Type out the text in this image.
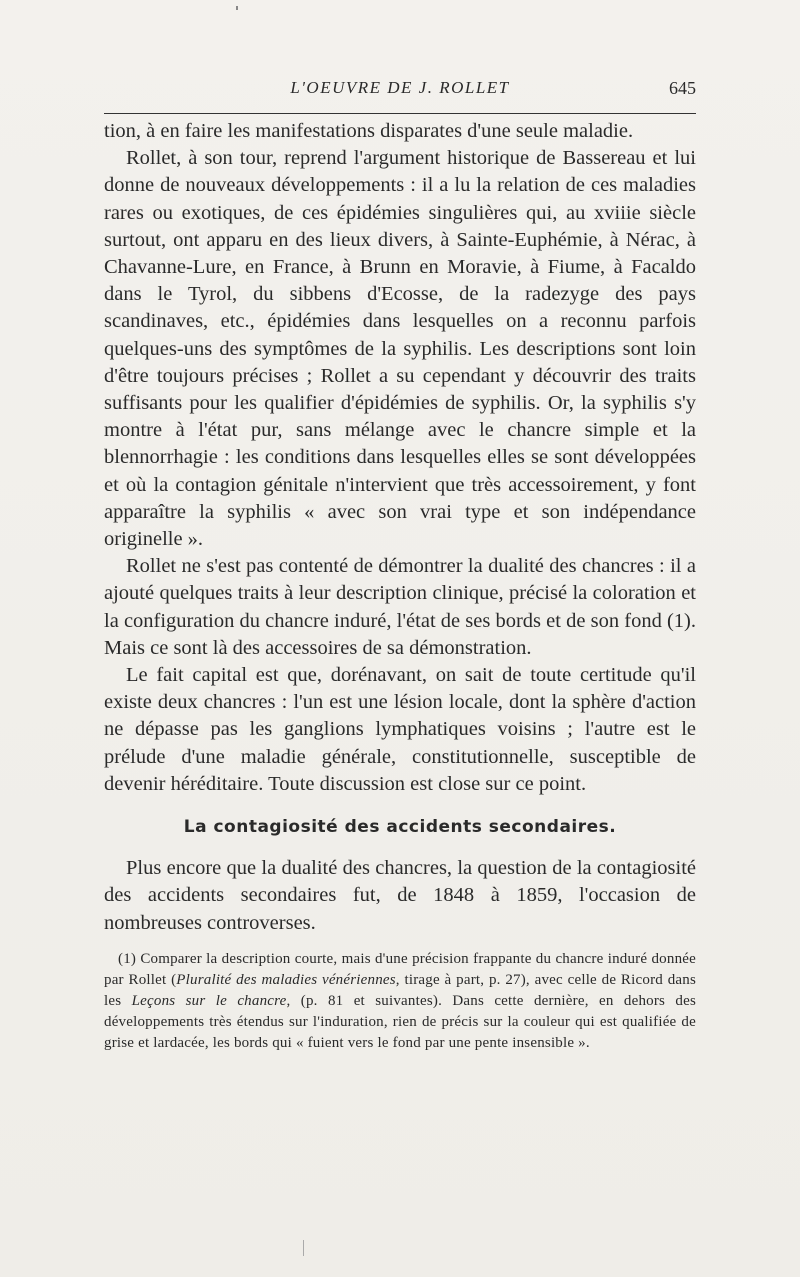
L'OEUVRE DE J. ROLLET	645

tion, à en faire les manifestations disparates d'une seule maladie.

Rollet, à son tour, reprend l'argument historique de Bassereau et lui donne de nouveaux développements : il a lu la relation de ces maladies rares ou exotiques, de ces épidémies singulières qui, au xviiie siècle surtout, ont apparu en des lieux divers, à Sainte-Euphémie, à Nérac, à Chavanne-Lure, en France, à Brunn en Moravie, à Fiume, à Facaldo dans le Tyrol, du sibbens d'Ecosse, de la radezyge des pays scandinaves, etc., épidémies dans lesquelles on a reconnu parfois quelques-uns des symptômes de la syphilis. Les descriptions sont loin d'être toujours précises ; Rollet a su cependant y découvrir des traits suffisants pour les qualifier d'épidémies de syphilis. Or, la syphilis s'y montre à l'état pur, sans mélange avec le chancre simple et la blennorrhagie : les conditions dans lesquelles elles se sont développées et où la contagion génitale n'intervient que très accessoirement, y font apparaître la syphilis « avec son vrai type et son indépendance originelle ».

Rollet ne s'est pas contenté de démontrer la dualité des chancres : il a ajouté quelques traits à leur description clinique, précisé la coloration et la configuration du chancre induré, l'état de ses bords et de son fond (1). Mais ce sont là des accessoires de sa démonstration.

Le fait capital est que, dorénavant, on sait de toute certitude qu'il existe deux chancres : l'un est une lésion locale, dont la sphère d'action ne dépasse pas les ganglions lymphatiques voisins ; l'autre est le prélude d'une maladie générale, constitutionnelle, susceptible de devenir héréditaire. Toute discussion est close sur ce point.

La contagiosité des accidents secondaires.

Plus encore que la dualité des chancres, la question de la contagiosité des accidents secondaires fut, de 1848 à 1859, l'occasion de nombreuses controverses.

(1) Comparer la description courte, mais d'une précision frappante du chancre induré donnée par Rollet (Pluralité des maladies vénériennes, tirage à part, p. 27), avec celle de Ricord dans les Leçons sur le chancre, (p. 81 et suivantes). Dans cette dernière, en dehors des développements très étendus sur l'induration, rien de précis sur la couleur qui est qualifiée de grise et lardacée, les bords qui « fuient vers le fond par une pente insensible ».
